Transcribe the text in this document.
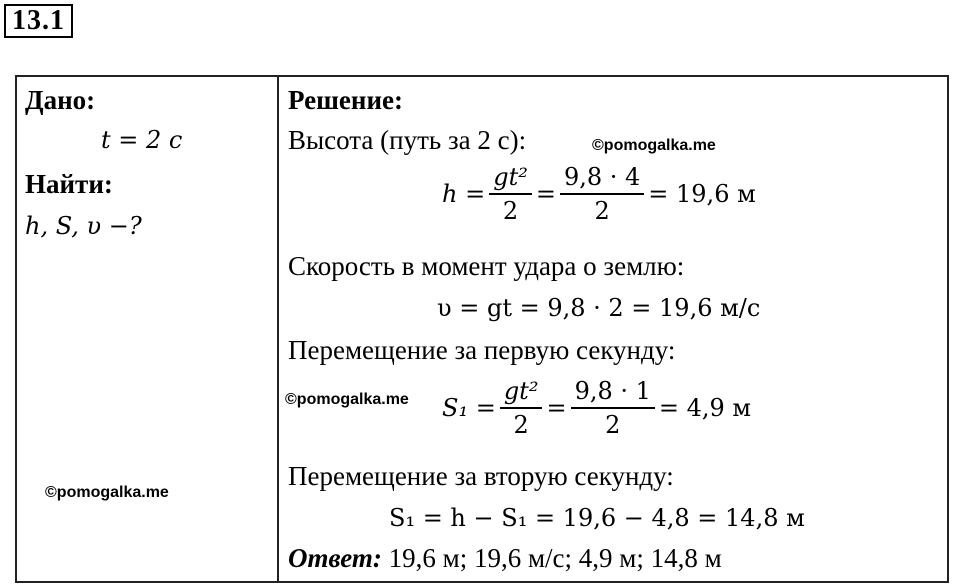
13.1
Дано:
t = 2 с
Найти:
h, S, υ −?
©pomogalka.me
Решение:
Высота (путь за 2 с):	©pomogalka.me
$h = \frac{\text{gt²}}{2} = \frac{9,8 \cdot 4}{2} = 19,6$ м
Скорость в момент удара о землю:
υ = gt = 9,8 · 2 = 19,6 м/с
Перемещение за первую секунду:
©pomogalka.me $S_1 = \frac{\text{gt²}}{2} = \frac{9,8 \cdot 1}{2} = 4,9$ м
Перемещение за вторую секунду:
S₁ = h − S₁ = 19,6 − 4,8 = 14,8 м
Ответ: 19,6 м; 19,6 м/с; 4,9 м; 14,8 м
